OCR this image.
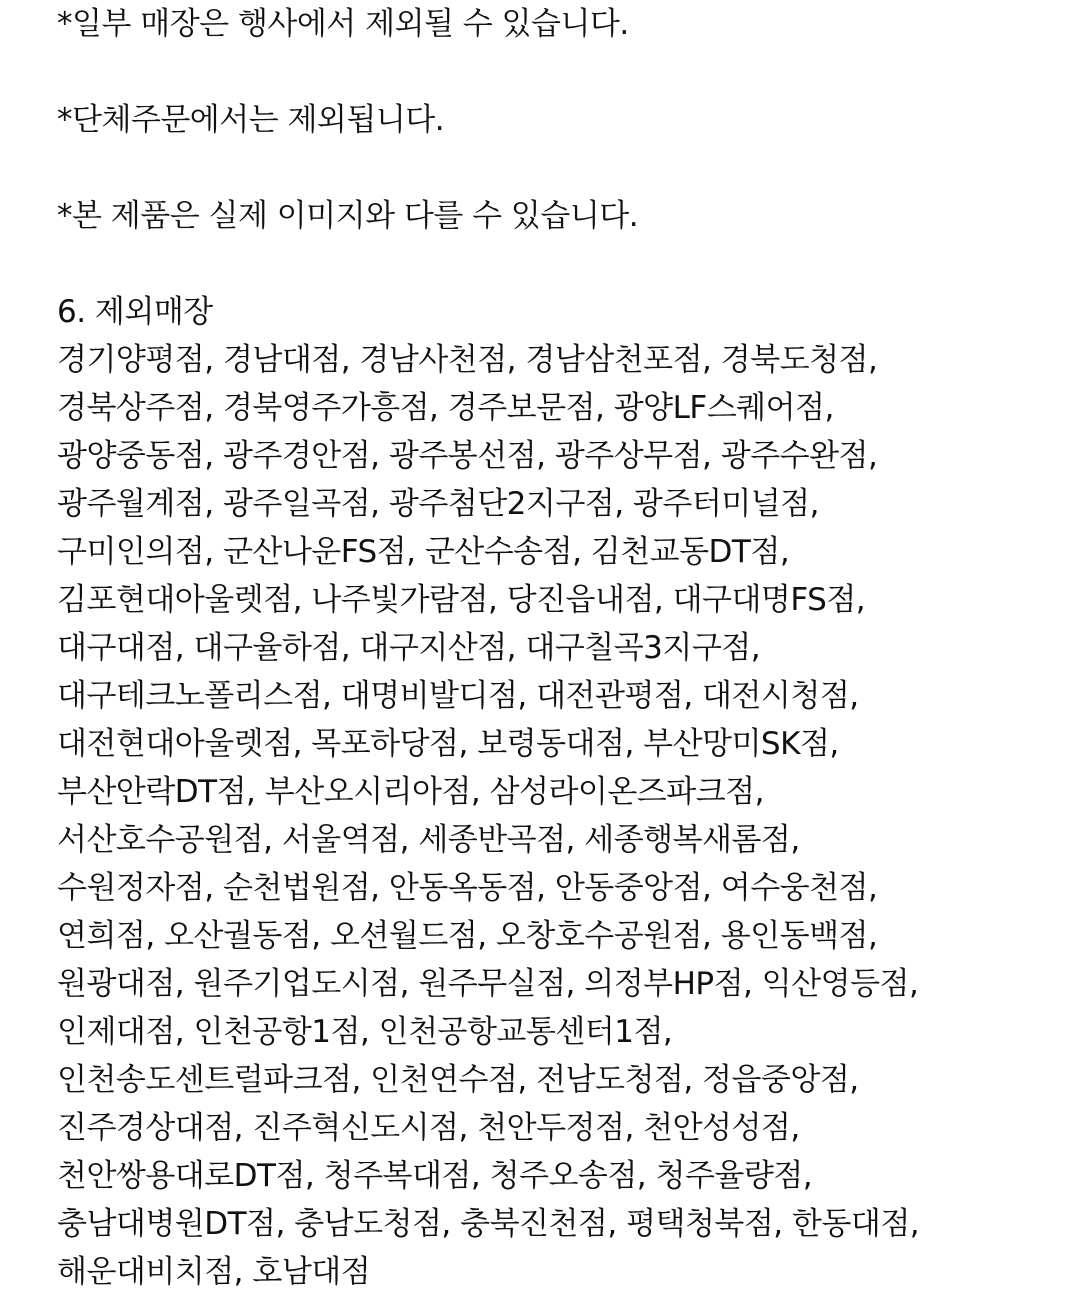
*일부 매장은 행사에서 제외될 수 있습니다.
*단체주문에서는 제외됩니다.
*본 제품은 실제 이미지와 다를 수 있습니다.
6. 제외매장
경기양평점, 경남대점, 경남사천점, 경남삼천포점, 경북도청점,
경북상주점, 경북영주가흥점, 경주보문점, 광양LF스퀘어점,
광양중동점, 광주경안점, 광주봉선점, 광주상무점, 광주수완점,
광주월계점, 광주일곡점, 광주첨단2지구점, 광주터미널점,
구미인의점, 군산나운FS점, 군산수송점, 김천교동DT점,
김포현대아울렛점, 나주빛가람점, 당진읍내점, 대구대명FS점,
대구대점, 대구율하점, 대구지산점, 대구칠곡3지구점,
대구테크노폴리스점, 대명비발디점, 대전관평점, 대전시청점,
대전현대아울렛점, 목포하당점, 보령동대점, 부산망미SK점,
부산안락DT점, 부산오시리아점, 삼성라이온즈파크점,
서산호수공원점, 서울역점, 세종반곡점, 세종행복새롬점,
수원정자점, 순천법원점, 안동옥동점, 안동중앙점, 여수웅천점,
연희점, 오산궐동점, 오션월드점, 오창호수공원점, 용인동백점,
원광대점, 원주기업도시점, 원주무실점, 의정부HP점, 익산영등점,
인제대점, 인천공항1점, 인천공항교통센터1점,
인천송도센트럴파크점, 인천연수점, 전남도청점, 정읍중앙점,
진주경상대점, 진주혁신도시점, 천안두정점, 천안성성점,
천안쌍용대로DT점, 청주복대점, 청주오송점, 청주율량점,
충남대병원DT점, 충남도청점, 충북진천점, 평택청북점, 한동대점,
해운대비치점, 호남대점
